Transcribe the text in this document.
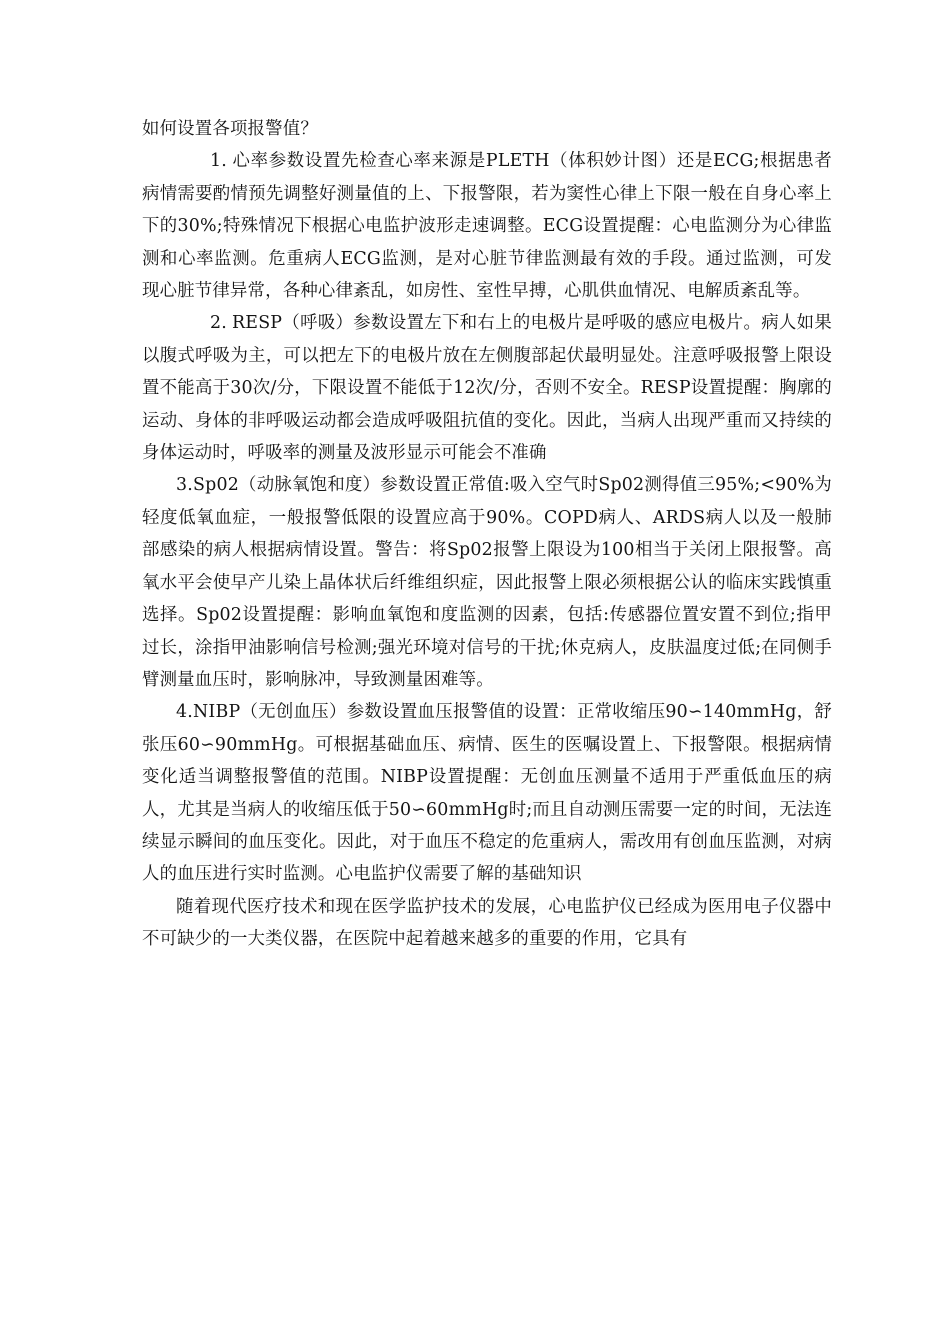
如何设置各项报警值？

1. 心率参数设置先检查心率来源是PLETH（体积妙计图）还是ECG;根据患者病情需要酌情预先调整好测量值的上、下报警限，若为窦性心律上下限一般在自身心率上下的30%;特殊情况下根据心电监护波形走速调整。ECG设置提醒：心电监测分为心律监测和心率监测。危重病人ECG监测，是对心脏节律监测最有效的手段。通过监测，可发现心脏节律异常，各种心律紊乱，如房性、室性早搏，心肌供血情况、电解质紊乱等。

2. RESP（呼吸）参数设置左下和右上的电极片是呼吸的感应电极片。病人如果以腹式呼吸为主，可以把左下的电极片放在左侧腹部起伏最明显处。注意呼吸报警上限设置不能高于30次/分，下限设置不能低于12次/分，否则不安全。RESP设置提醒：胸廓的运动、身体的非呼吸运动都会造成呼吸阻抗值的变化。因此，当病人出现严重而又持续的身体运动时，呼吸率的测量及波形显示可能会不准确

3.Sp02（动脉氧饱和度）参数设置正常值:吸入空气时Sp02测得值三95%;<90%为轻度低氧血症，一般报警低限的设置应高于90%。COPD病人、ARDS病人以及一般肺部感染的病人根据病情设置。警告：将Sp02报警上限设为100相当于关闭上限报警。高氧水平会使早产儿染上晶体状后纤维组织症，因此报警上限必须根据公认的临床实践慎重选择。Sp02设置提醒：影响血氧饱和度监测的因素，包括:传感器位置安置不到位;指甲过长，涂指甲油影响信号检测;强光环境对信号的干扰;休克病人，皮肤温度过低;在同侧手臂测量血压时，影响脉冲，导致测量困难等。

4.NIBP（无创血压）参数设置血压报警值的设置：正常收缩压90∽140mmHg，舒张压60∽90mmHg。可根据基础血压、病情、医生的医嘱设置上、下报警限。根据病情变化适当调整报警值的范围。NIBP设置提醒：无创血压测量不适用于严重低血压的病人，尤其是当病人的收缩压低于50∽60mmHg时;而且自动测压需要一定的时间，无法连续显示瞬间的血压变化。因此，对于血压不稳定的危重病人，需改用有创血压监测，对病人的血压进行实时监测。心电监护仪需要了解的基础知识

随着现代医疗技术和现在医学监护技术的发展，心电监护仪已经成为医用电子仪器中不可缺少的一大类仪器，在医院中起着越来越多的重要的作用，它具有
